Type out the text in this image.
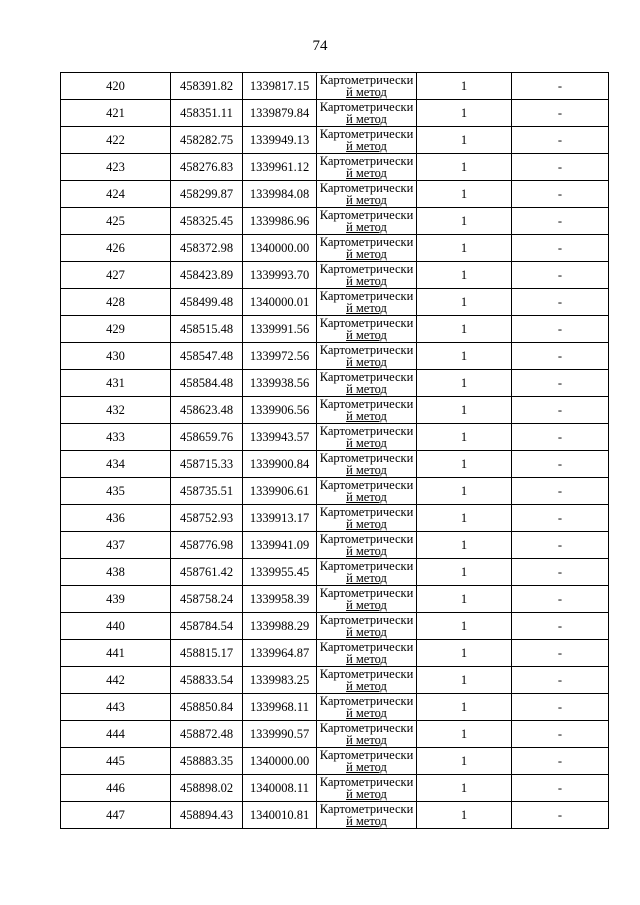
74
420	458391.82	1339817.15	Картометрически
й метод	1	-
421	458351.11	1339879.84	Картометрически
й метод	1	-
422	458282.75	1339949.13	Картометрически
й метод	1	-
423	458276.83	1339961.12	Картометрически
й метод	1	-
424	458299.87	1339984.08	Картометрически
й метод	1	-
425	458325.45	1339986.96	Картометрически
й метод	1	-
426	458372.98	1340000.00	Картометрически
й метод	1	-
427	458423.89	1339993.70	Картометрически
й метод	1	-
428	458499.48	1340000.01	Картометрически
й метод	1	-
429	458515.48	1339991.56	Картометрически
й метод	1	-
430	458547.48	1339972.56	Картометрически
й метод	1	-
431	458584.48	1339938.56	Картометрически
й метод	1	-
432	458623.48	1339906.56	Картометрически
й метод	1	-
433	458659.76	1339943.57	Картометрически
й метод	1	-
434	458715.33	1339900.84	Картометрически
й метод	1	-
435	458735.51	1339906.61	Картометрически
й метод	1	-
436	458752.93	1339913.17	Картометрически
й метод	1	-
437	458776.98	1339941.09	Картометрически
й метод	1	-
438	458761.42	1339955.45	Картометрически
й метод	1	-
439	458758.24	1339958.39	Картометрически
й метод	1	-
440	458784.54	1339988.29	Картометрически
й метод	1	-
441	458815.17	1339964.87	Картометрически
й метод	1	-
442	458833.54	1339983.25	Картометрически
й метод	1	-
443	458850.84	1339968.11	Картометрически
й метод	1	-
444	458872.48	1339990.57	Картометрически
й метод	1	-
445	458883.35	1340000.00	Картометрически
й метод	1	-
446	458898.02	1340008.11	Картометрически
й метод	1	-
447	458894.43	1340010.81	Картометрически
й метод	1	-
